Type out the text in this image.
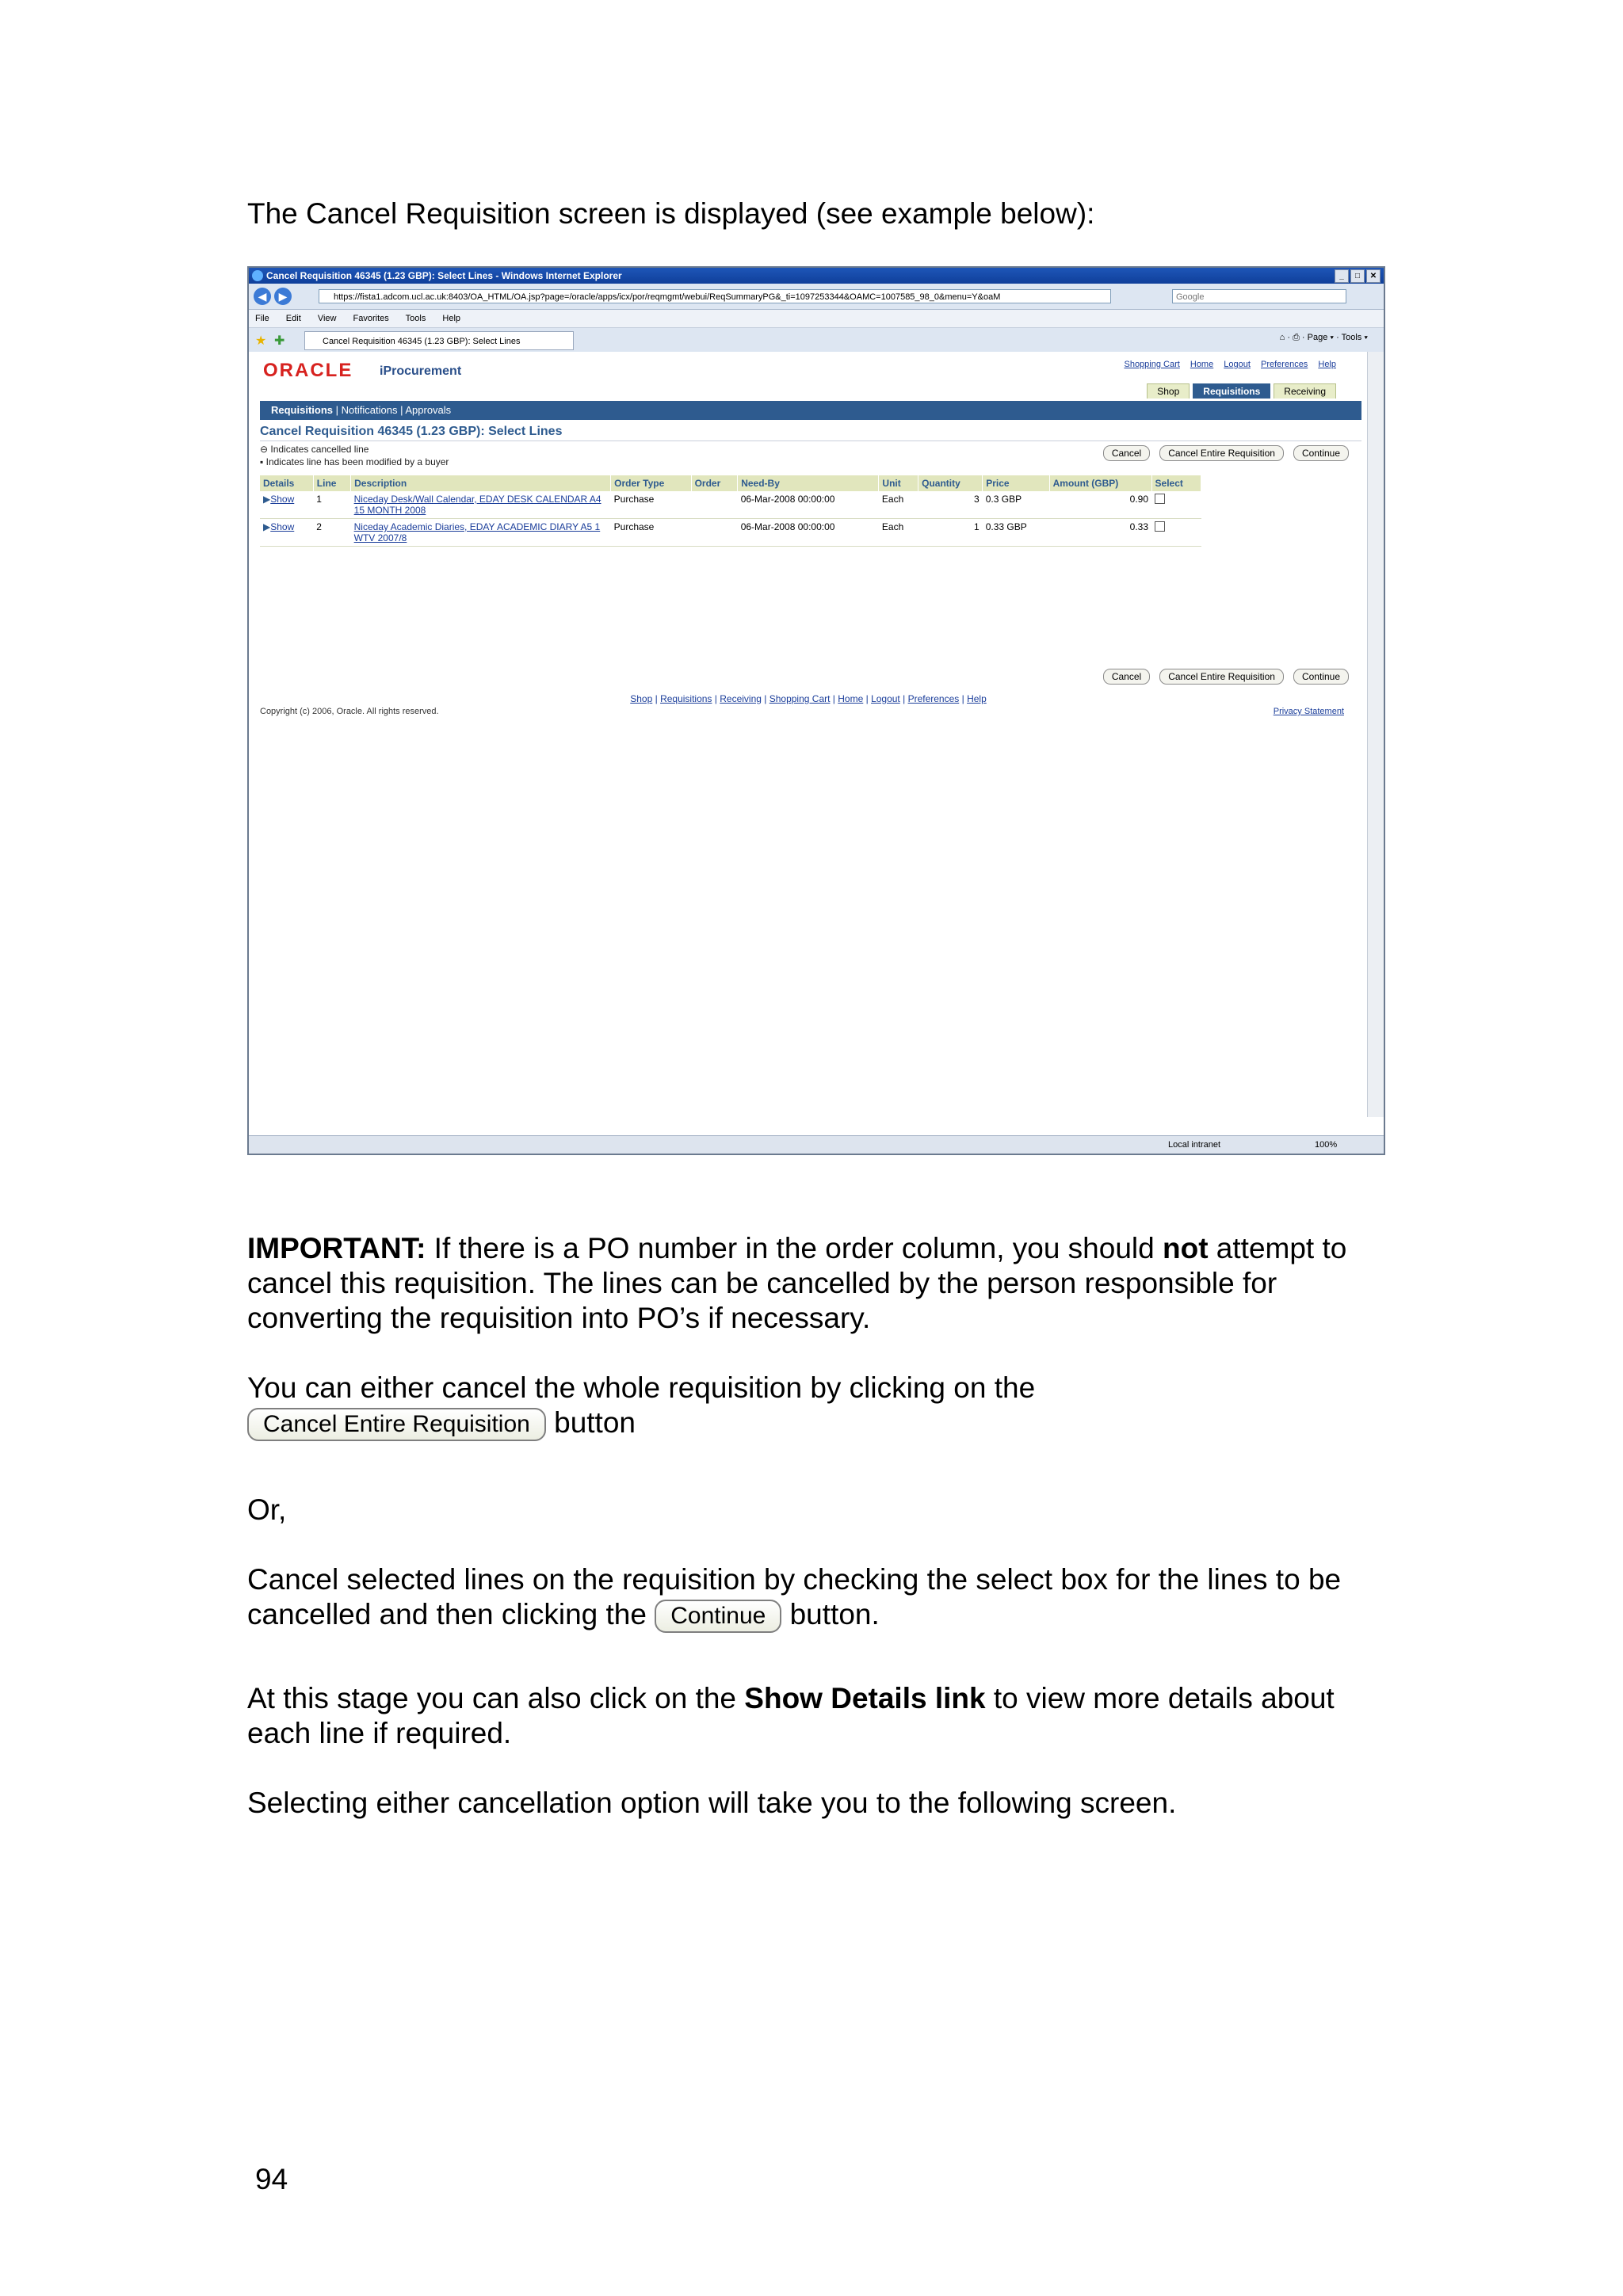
The Cancel Requisition screen is displayed (see example below):

Cancel Requisition 46345 (1.23 GBP): Select Lines - Windows Internet Explorer	_	□	✕
◀	▶	https://fista1.adcom.ucl.ac.uk:8403/OA_HTML/OA.jsp?page=/oracle/apps/icx/por/reqmgmt/webui/ReqSummaryPG&_ti=1097253344&OAMC=1007585_98_0&menu=Y&oaM	Google
File Edit View Favorites Tools Help
★ ✚	Cancel Requisition 46345 (1.23 GBP): Select Lines	⌂ · ⎙ · Page ▾ · Tools ▾
ORACLE iProcurement	Shopping Cart Home Logout Preferences Help
Shop	Requisitions	Receiving
Requisitions | Notifications | Approvals
Cancel Requisition 46345 (1.23 GBP): Select Lines
⊖ Indicates cancelled line
▪ Indicates line has been modified by a buyer
Cancel	Cancel Entire Requisition	Continue
Details	Line	Description	Order Type	Order	Need-By	Unit	Quantity	Price	Amount (GBP)	Select
▶Show	1	Niceday Desk/Wall Calendar, EDAY DESK CALENDAR A4 15 MONTH 2008	Purchase		06-Mar-2008 00:00:00	Each	3	0.3 GBP	0.90	
▶Show	2	Niceday Academic Diaries, EDAY ACADEMIC DIARY A5 1 WTV 2007/8	Purchase		06-Mar-2008 00:00:00	Each	1	0.33 GBP	0.33	
Cancel	Cancel Entire Requisition	Continue
Shop | Requisitions | Receiving | Shopping Cart | Home | Logout | Preferences | Help
Copyright (c) 2006, Oracle. All rights reserved.	Privacy Statement
Local intranet	100%

IMPORTANT: If there is a PO number in the order column, you should not attempt to cancel this requisition. The lines can be cancelled by the person responsible for converting the requisition into PO’s if necessary.

You can either cancel the whole requisition by clicking on the
Cancel Entire Requisition button

Or,

Cancel selected lines on the requisition by checking the select box for the lines to be cancelled and then clicking the Continue button.

At this stage you can also click on the Show Details link to view more details about each line if required.

Selecting either cancellation option will take you to the following screen.

94
